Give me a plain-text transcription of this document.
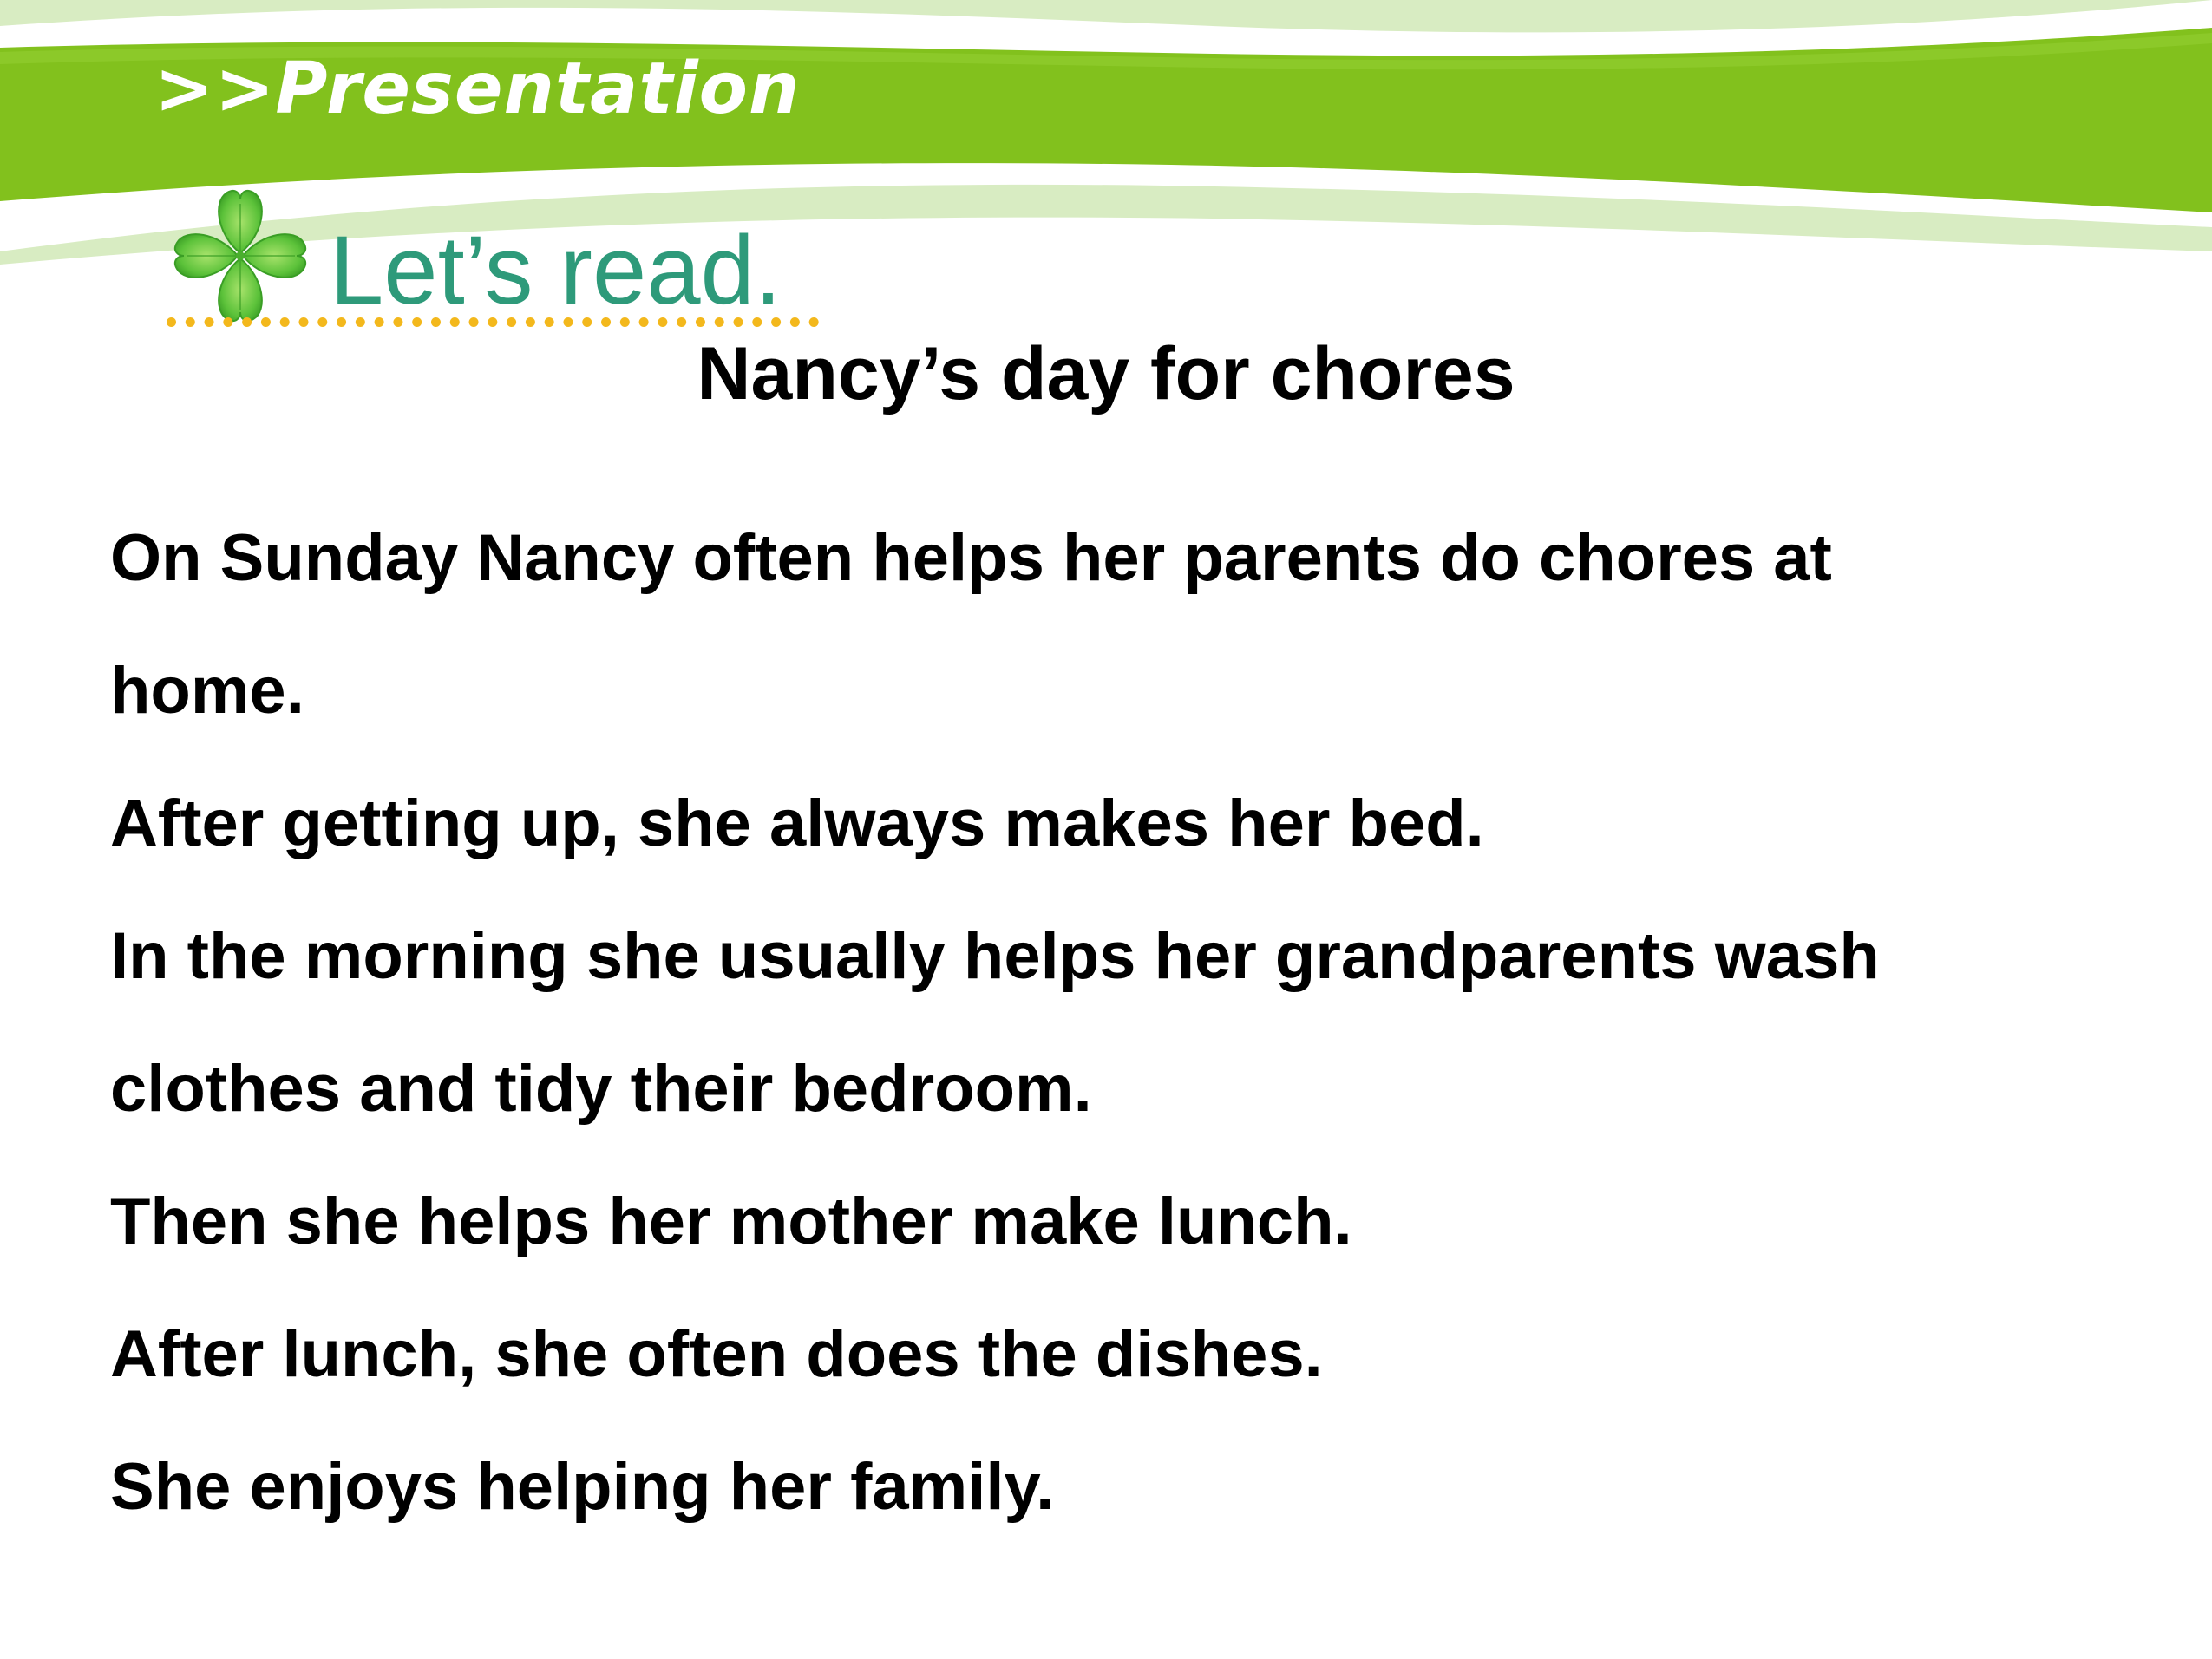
>>Presentation
Let’s read.
Nancy’s day for chores

On Sunday Nancy often helps her parents do chores at

home.

After getting up, she always makes her bed.

In the morning she usually helps her grandparents wash

clothes and tidy their bedroom.

Then she helps her mother make lunch.

After lunch, she often does the dishes.

She enjoys helping her family.
